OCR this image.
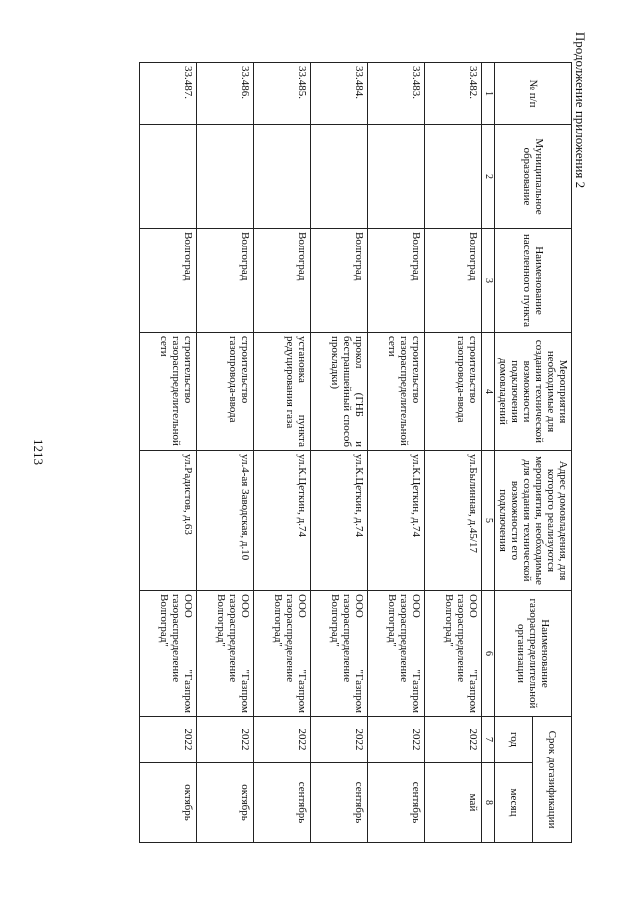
1213
Продолжение приложения 2
№ п/п	Муниципальное образование	Наименование населенного пункта	Мероприятия необходимые для создания технической возможности подключения домовладений	Адрес домовладения, для которого реализуются мероприятия, необходимые для создания технической возможности его подключения	Наименование газораспределительной организации	Срок догазификации	
						год	месяц
1	2	3	4	5	6	7	8
33.482.		Волгоград	строительство газопровода-ввода	ул.Былинная, д.45/17	ООО "Газпром газораспределение Волгоград"	2022	май
33.483.		Волгоград	строительство газораспределительной сети	ул.К.Цеткин, д.74	ООО "Газпром газораспределение Волгоград"	2022	сентябрь
33.484.		Волгоград	прокол (ГНБ и бестраншейный способ прокладки)	ул.К.Цеткин, д.74	ООО "Газпром газораспределение Волгоград"	2022	сентябрь
33.485.		Волгоград	установка пункта редуцирования газа	ул.К.Цеткин, д.74	ООО "Газпром газораспределение Волгоград"	2022	сентябрь
33.486.		Волгоград	строительство газопровода-ввода	ул.4-ая Заводская, д.10	ООО "Газпром газораспределение Волгоград"	2022	октябрь
33.487.		Волгоград	строительство газораспределительной сети	ул.Радистов, д.63	ООО "Газпром газораспределение Волгоград"	2022	октябрь
